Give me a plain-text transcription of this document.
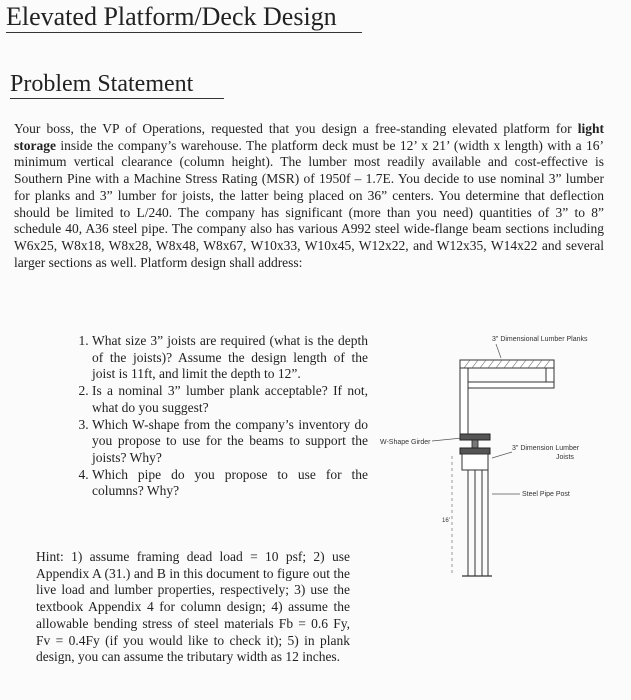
Elevated Platform/Deck Design
Problem Statement

Your boss, the VP of Operations, requested that you design a free-standing elevated platform for light storage inside the company’s warehouse. The platform deck must be 12’ x 21’ (width x length) with a 16’ minimum vertical clearance (column height). The lumber most readily available and cost-effective is Southern Pine with a Machine Stress Rating (MSR) of 1950f – 1.7E. You decide to use nominal 3” lumber for planks and 3” lumber for joists, the latter being placed on 36” centers. You determine that deflection should be limited to L/240. The company has significant (more than you need) quantities of 3” to 8” schedule 40, A36 steel pipe. The company also has various A992 steel wide-flange beam sections including W6x25, W8x18, W8x28, W8x48, W8x67, W10x33, W10x45, W12x22, and W12x35, W14x22 and several larger sections as well. Platform design shall address:

1. What size 3” joists are required (what is the depth of the joists)? Assume the design length of the joist is 11ft, and limit the depth to 12”.
2. Is a nominal 3” lumber plank acceptable? If not, what do you suggest?
3. Which W-shape from the company’s inventory do you propose to use for the beams to support the joists? Why?
4. Which pipe do you propose to use for the columns? Why?

Hint: 1) assume framing dead load = 10 psf; 2) use Appendix A (31.) and B in this document to figure out the live load and lumber properties, respectively; 3) use the textbook Appendix 4 for column design; 4) assume the allowable bending stress of steel materials Fb = 0.6 Fy, Fv = 0.4Fy (if you would like to check it); 5) in plank design, you can assume the tributary width as 12 inches.

3" Dimensional Lumber Planks
W-Shape Girder
3" Dimension Lumber
Joists
Steel Pipe Post
16'
